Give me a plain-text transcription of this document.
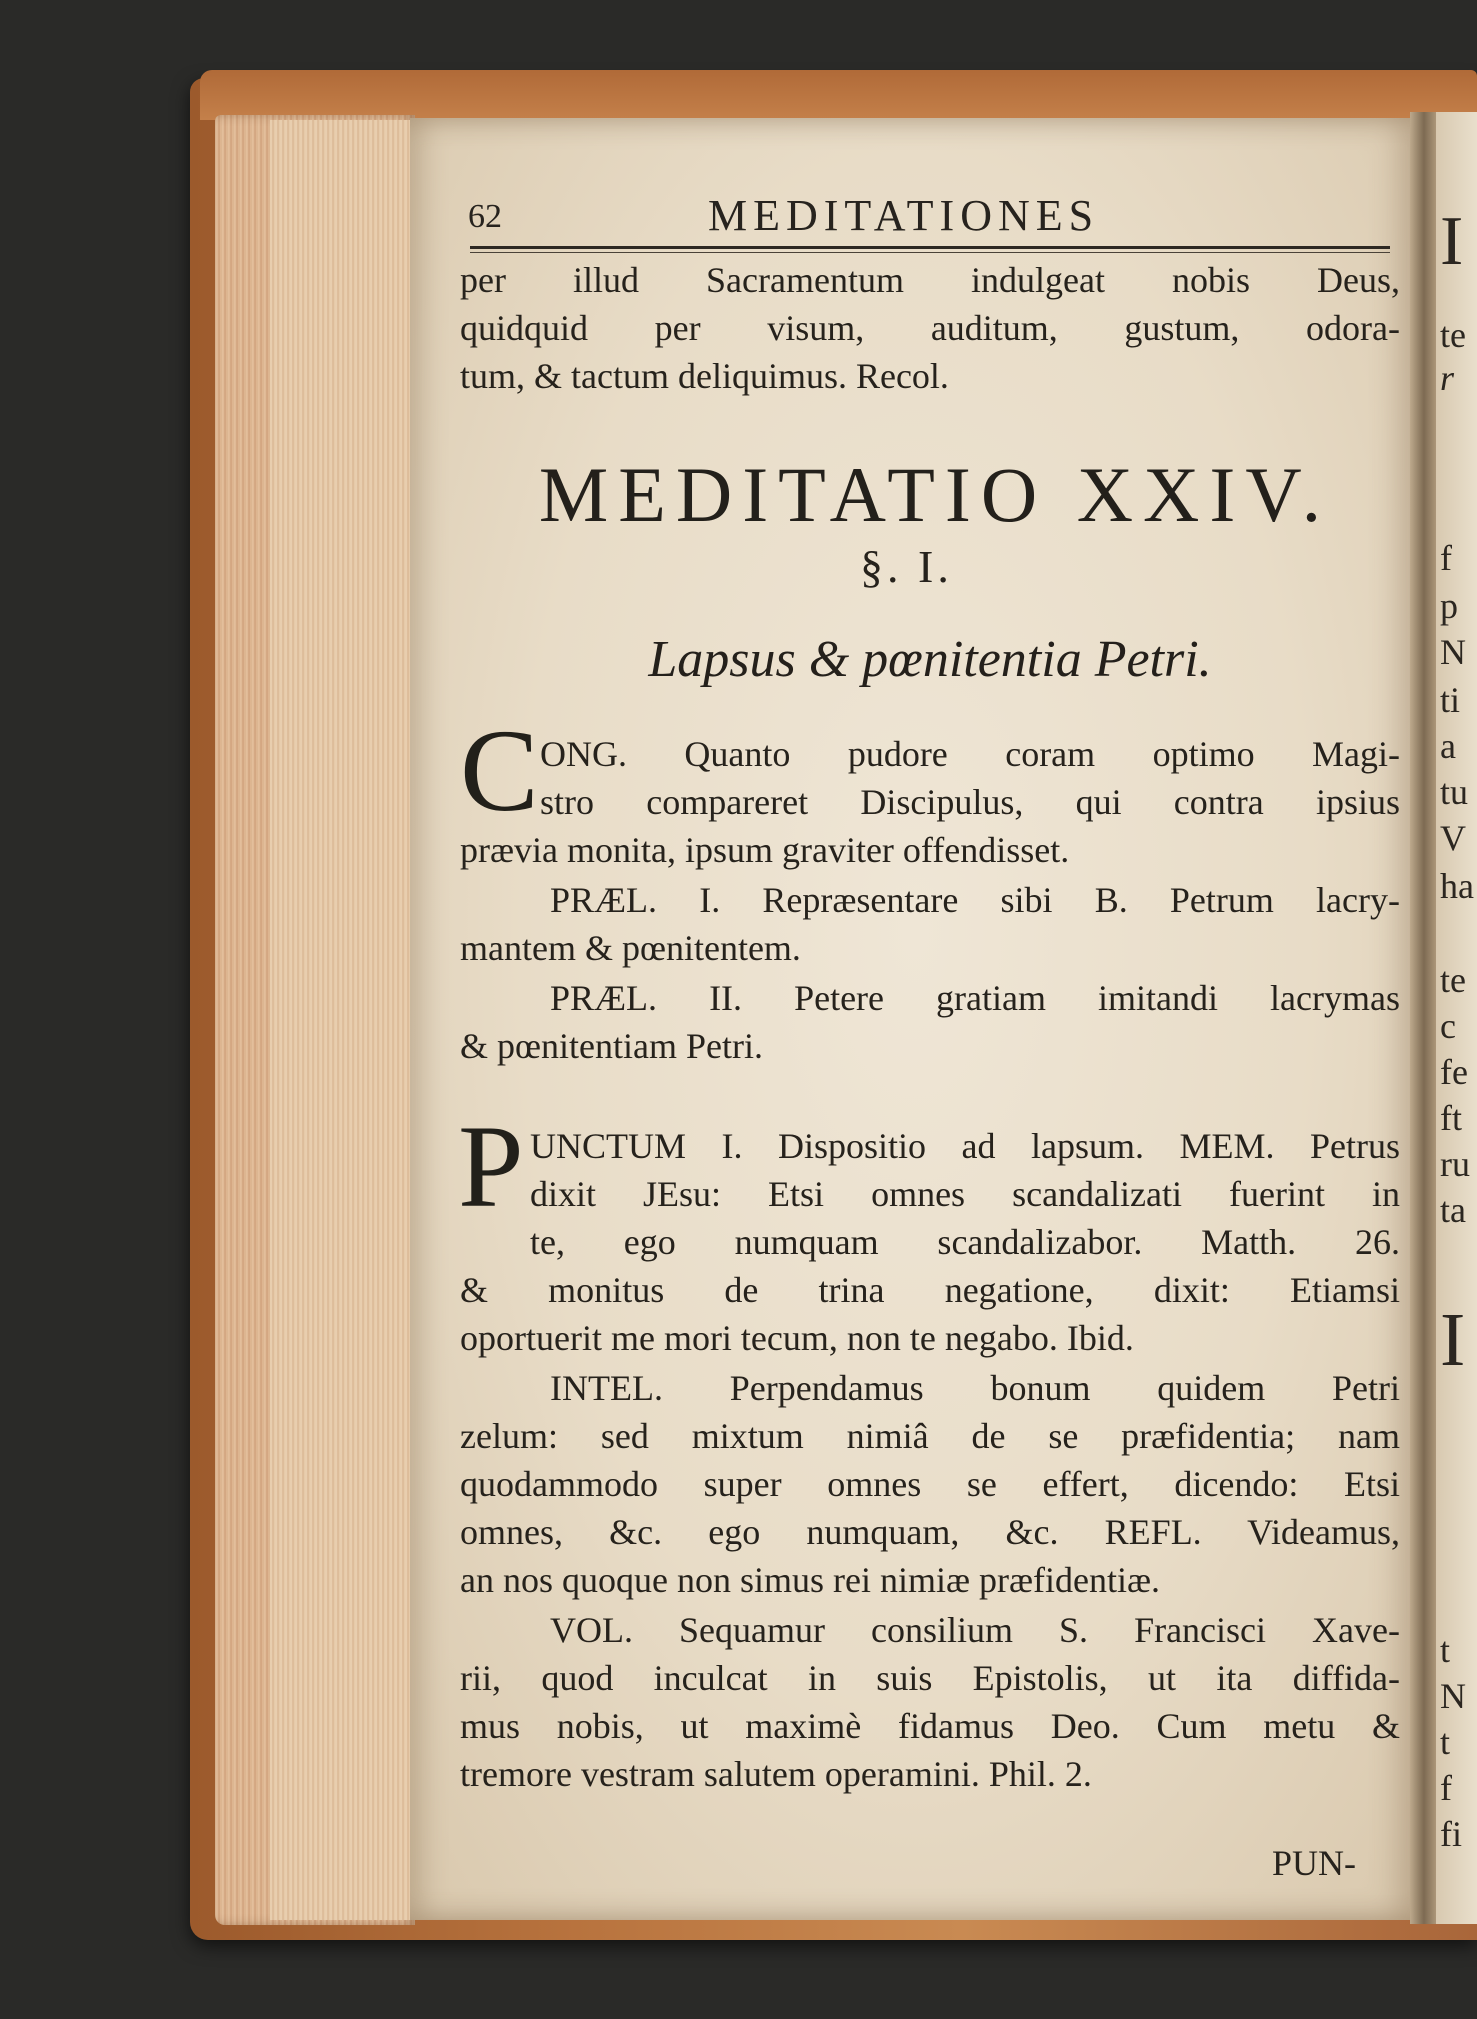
I
te
r
f
p
N
ti
a
tu
V
ha
te
c
fe
ft
ru
ta
I
t
N
t
f
fi
62	MEDITATIONES
per illud Sacramentum indulgeat nobis Deus,
quidquid per visum, auditum, gustum, odora-
tum, & tactum deliquimus. Recol.
MEDITATIO XXIV.
§. I.
Lapsus & pœnitentia Petri.
C ONG. Quanto pudore coram optimo Magi-
stro compareret Discipulus, qui contra ipsius
prævia monita, ipsum graviter offendisset.
PRÆL. I. Repræsentare sibi B. Petrum lacry-
mantem & pœnitentem.
PRÆL. II. Petere gratiam imitandi lacrymas
& pœnitentiam Petri.
P UNCTUM I. Dispositio ad lapsum. MEM. Petrus
dixit JEsu: Etsi omnes scandalizati fuerint in
te, ego numquam scandalizabor. Matth. 26.
& monitus de trina negatione, dixit: Etiamsi
oportuerit me mori tecum, non te negabo. Ibid.
INTEL. Perpendamus bonum quidem Petri
zelum: sed mixtum nimiâ de se præfidentia; nam
quodammodo super omnes se effert, dicendo: Etsi
omnes, &c. ego numquam, &c. REFL. Videamus,
an nos quoque non simus rei nimiæ præfidentiæ.
VOL. Sequamur consilium S. Francisci Xave-
rii, quod inculcat in suis Epistolis, ut ita diffida-
mus nobis, ut maximè fidamus Deo. Cum metu &
tremore vestram salutem operamini. Phil. 2.
PUN-
